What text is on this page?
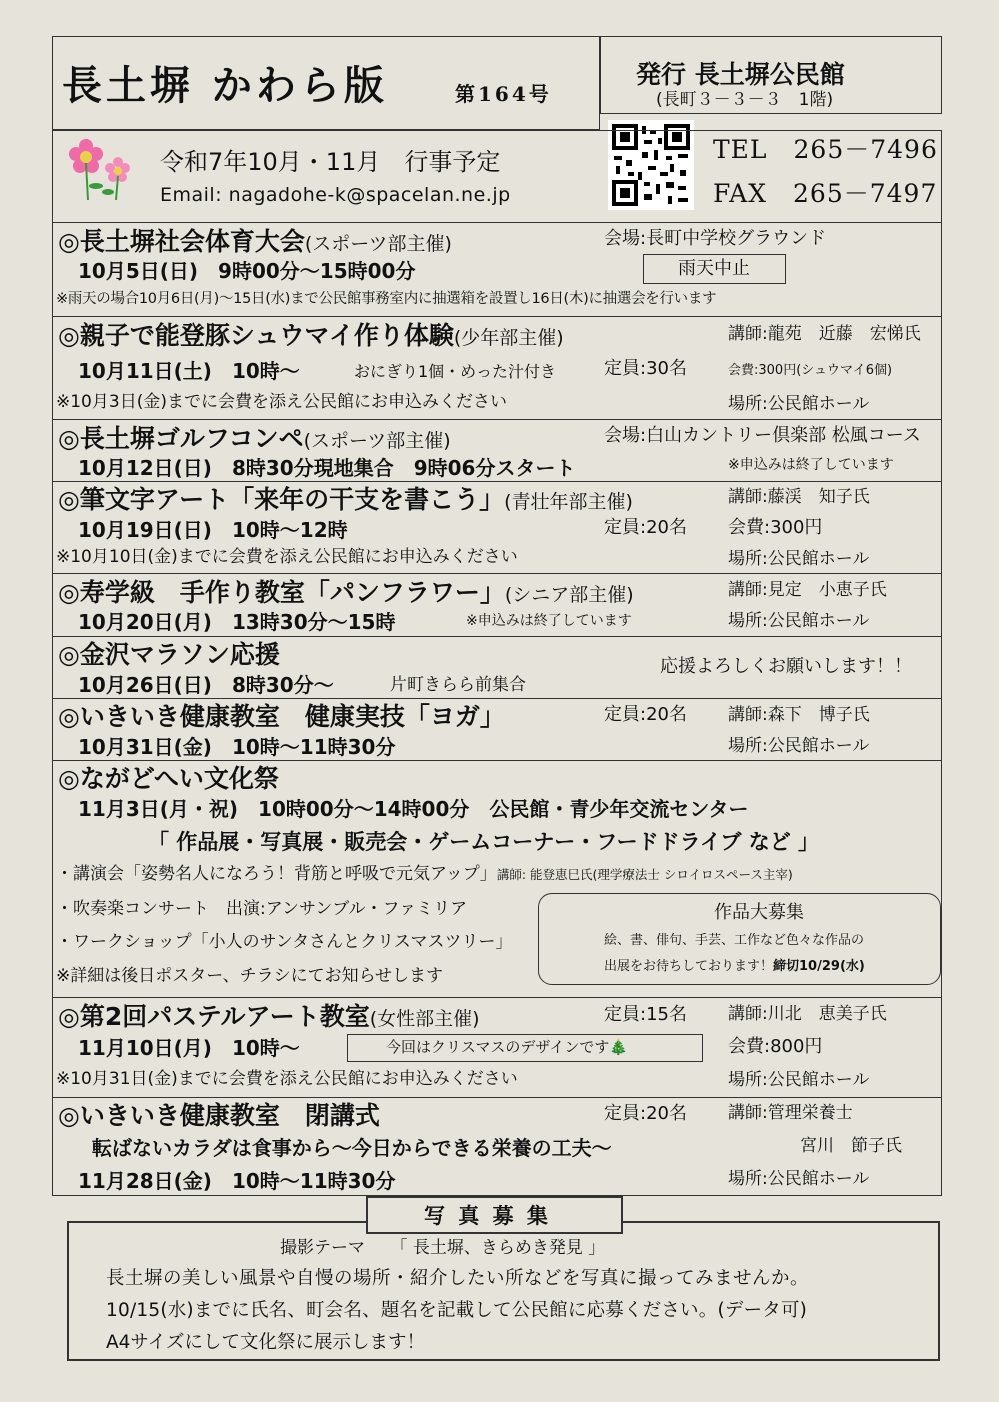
長土塀 かわら版	第164号
発行 長土塀公民館
(長町３－３－３　1階)
令和7年10月・11月　行事予定
Email: nagadohe-k@spacelan.ne.jp
TEL　265－7496
FAX　265－7497
◎長土塀社会体育大会(スポーツ部主催)	会場:長町中学校グラウンド
10月5日(日)　9時00分～15時00分	雨天中止
※雨天の場合10月6日(月)～15日(水)まで公民館事務室内に抽選箱を設置し16日(木)に抽選会を行います
◎親子で能登豚シュウマイ作り体験(少年部主催)	講師:龍苑　近藤　宏悌氏
10月11日(土)　10時～	おにぎり1個・めった汁付き	定員:30名	会費:300円(シュウマイ6個)
※10月3日(金)までに会費を添え公民館にお申込みください	場所:公民館ホール
◎長土塀ゴルフコンペ(スポーツ部主催)	会場:白山カントリー倶楽部 松風コース
10月12日(日)　8時30分現地集合　9時06分スタート	※申込みは終了しています
◎筆文字アート「来年の干支を書こう」(青壮年部主催)	講師:藤渓　知子氏
10月19日(日)　10時～12時	定員:20名 会費:300円
※10月10日(金)までに会費を添え公民館にお申込みください	場所:公民館ホール
◎寿学級　手作り教室「パンフラワー」(シニア部主催)	講師:見定　小恵子氏
10月20日(月)　13時30分～15時	※申込みは終了しています	場所:公民館ホール
◎金沢マラソン応援
10月26日(日)　8時30分～	片町きらら前集合
応援よろしくお願いします！！
◎いきいき健康教室　健康実技「ヨガ」	定員:20名 講師:森下　博子氏
10月31日(金)　10時～11時30分	場所:公民館ホール
◎ながどへい文化祭
11月3日(月・祝)　10時00分～14時00分　公民館・青少年交流センター
「 作品展・写真展・販売会・ゲームコーナー・フードドライブ など 」
・講演会「姿勢名人になろう！背筋と呼吸で元気アップ」講師: 能登恵巳氏(理学療法士 シロイロスペース主宰)
・吹奏楽コンサート　出演:アンサンブル・ファミリア
・ワークショップ「小人のサンタさんとクリスマスツリー」
※詳細は後日ポスター、チラシにてお知らせします
作品大募集
絵、書、俳句、手芸、工作など色々な作品の
出展をお待ちしております！締切10/29(水)
◎第2回パステルアート教室(女性部主催)	定員:15名 講師:川北　恵美子氏
11月10日(月)　10時～	今回はクリスマスのデザインです🎄	会費:800円
※10月31日(金)までに会費を添え公民館にお申込みください	場所:公民館ホール
◎いきいき健康教室　閉講式	定員:20名 講師:管理栄養士
転ばないカラダは食事から～今日からできる栄養の工夫～	宮川　節子氏
11月28日(金)　10時～11時30分	場所:公民館ホール
写 真 募 集
撮影テーマ　　「 長土塀、きらめき発見 」
長土塀の美しい風景や自慢の場所・紹介したい所などを写真に撮ってみませんか。
10/15(水)までに氏名、町会名、題名を記載して公民館に応募ください。(データ可)
A4サイズにして文化祭に展示します！
